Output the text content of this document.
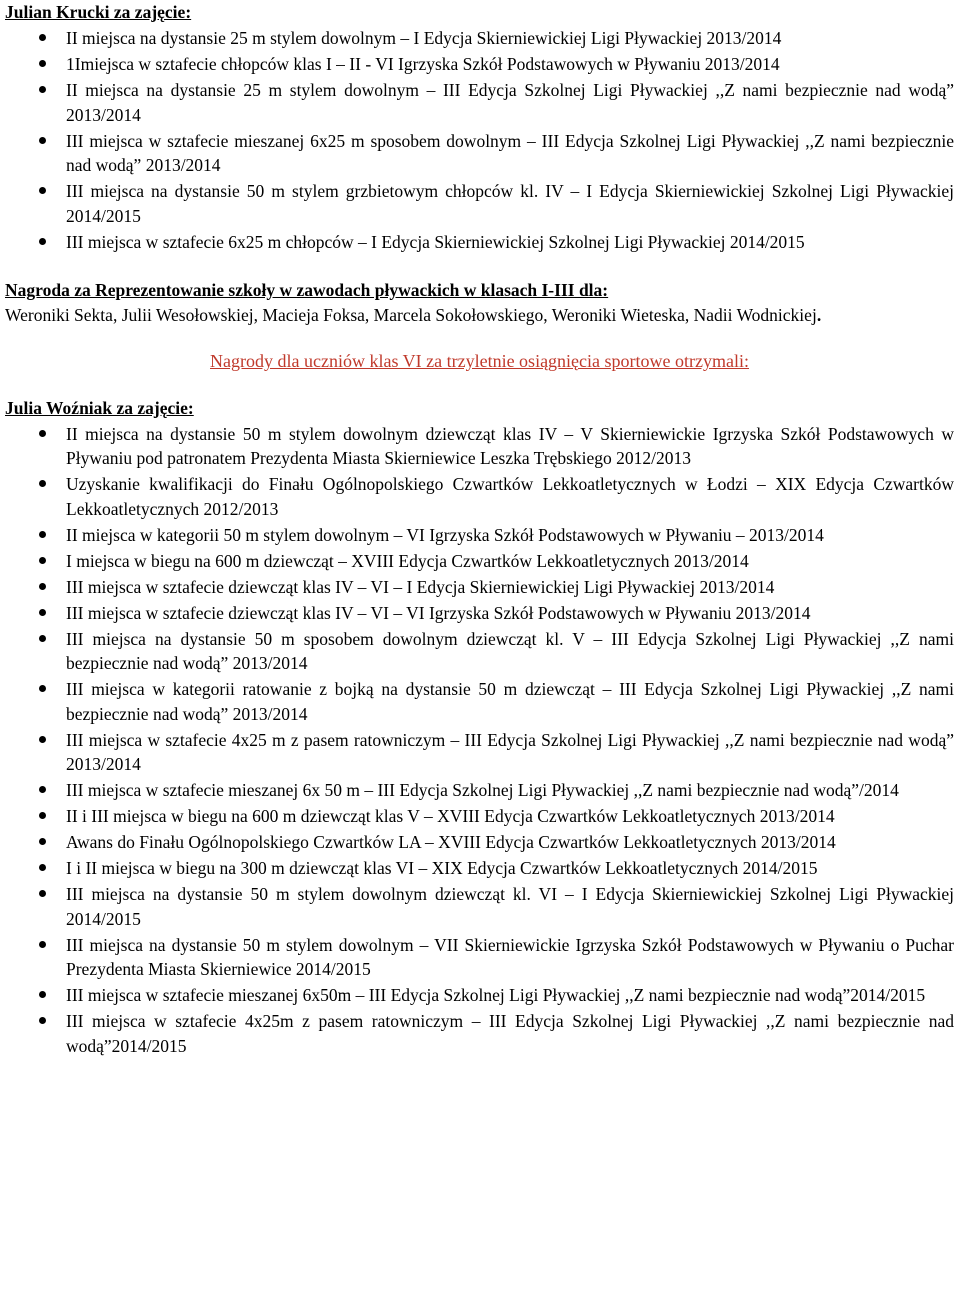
Julian Krucki za zajęcie:
II miejsca na dystansie 25 m stylem dowolnym – I Edycja Skierniewickiej Ligi Pływackiej 2013/2014
1Imiejsca w sztafecie chłopców klas I – II - VI Igrzyska Szkół Podstawowych w Pływaniu 2013/2014
II miejsca na dystansie 25 m stylem dowolnym – III Edycja Szkolnej Ligi Pływackiej ,,Z nami bezpiecznie nad wodą” 2013/2014
III miejsca w sztafecie mieszanej 6x25 m sposobem dowolnym – III Edycja Szkolnej Ligi Pływackiej ,,Z nami bezpiecznie nad wodą” 2013/2014
III miejsca na dystansie 50 m stylem grzbietowym chłopców kl. IV – I Edycja Skierniewickiej Szkolnej Ligi Pływackiej 2014/2015
III miejsca w sztafecie 6x25 m chłopców – I Edycja Skierniewickiej Szkolnej Ligi Pływackiej 2014/2015
Nagroda za Reprezentowanie szkoły w zawodach pływackich w klasach I-III dla:
Weroniki Sekta, Julii Wesołowskiej, Macieja Foksa, Marcela Sokołowskiego, Weroniki Wieteska, Nadii Wodnickiej.
Nagrody dla uczniów klas VI za trzyletnie osiągnięcia sportowe otrzymali:
Julia Woźniak za zajęcie:
II miejsca na dystansie 50 m stylem dowolnym dziewcząt klas IV – V Skierniewickie Igrzyska Szkół Podstawowych w Pływaniu pod patronatem Prezydenta Miasta Skierniewice Leszka Trębskiego 2012/2013
Uzyskanie kwalifikacji do Finału Ogólnopolskiego Czwartków Lekkoatletycznych w Łodzi – XIX Edycja Czwartków Lekkoatletycznych 2012/2013
II miejsca w kategorii 50 m stylem dowolnym – VI Igrzyska Szkół Podstawowych w Pływaniu – 2013/2014
I miejsca w biegu na 600 m dziewcząt – XVIII Edycja Czwartków Lekkoatletycznych 2013/2014
III miejsca w sztafecie dziewcząt klas IV – VI – I Edycja Skierniewickiej Ligi Pływackiej 2013/2014
III miejsca w sztafecie dziewcząt klas IV – VI – VI Igrzyska Szkół Podstawowych w Pływaniu 2013/2014
III miejsca na dystansie 50 m sposobem dowolnym dziewcząt kl. V – III Edycja Szkolnej Ligi Pływackiej ,,Z nami bezpiecznie nad wodą” 2013/2014
III miejsca w kategorii ratowanie z bojką na dystansie 50 m dziewcząt – III Edycja Szkolnej Ligi Pływackiej ,,Z nami bezpiecznie nad wodą” 2013/2014
III miejsca w sztafecie 4x25 m z pasem ratowniczym – III Edycja Szkolnej Ligi Pływackiej ,,Z nami bezpiecznie nad wodą” 2013/2014
III miejsca w sztafecie mieszanej 6x 50 m – III Edycja Szkolnej Ligi Pływackiej ,,Z nami bezpiecznie nad wodą”/2014
II i III miejsca w biegu na 600 m dziewcząt klas V – XVIII Edycja Czwartków Lekkoatletycznych 2013/2014
Awans do Finału Ogólnopolskiego Czwartków LA – XVIII Edycja Czwartków Lekkoatletycznych 2013/2014
I i II miejsca w biegu na 300 m dziewcząt klas VI – XIX Edycja Czwartków Lekkoatletycznych 2014/2015
III miejsca na dystansie 50 m stylem dowolnym dziewcząt kl. VI – I Edycja Skierniewickiej Szkolnej Ligi Pływackiej 2014/2015
III miejsca na dystansie 50 m stylem dowolnym – VII Skierniewickie Igrzyska Szkół Podstawowych w Pływaniu o Puchar Prezydenta Miasta Skierniewice 2014/2015
III miejsca w sztafecie mieszanej 6x50m – III Edycja Szkolnej Ligi Pływackiej ,,Z nami bezpiecznie nad wodą”2014/2015
III miejsca w sztafecie 4x25m z pasem ratowniczym – III Edycja Szkolnej Ligi Pływackiej ,,Z nami bezpiecznie nad wodą”2014/2015
